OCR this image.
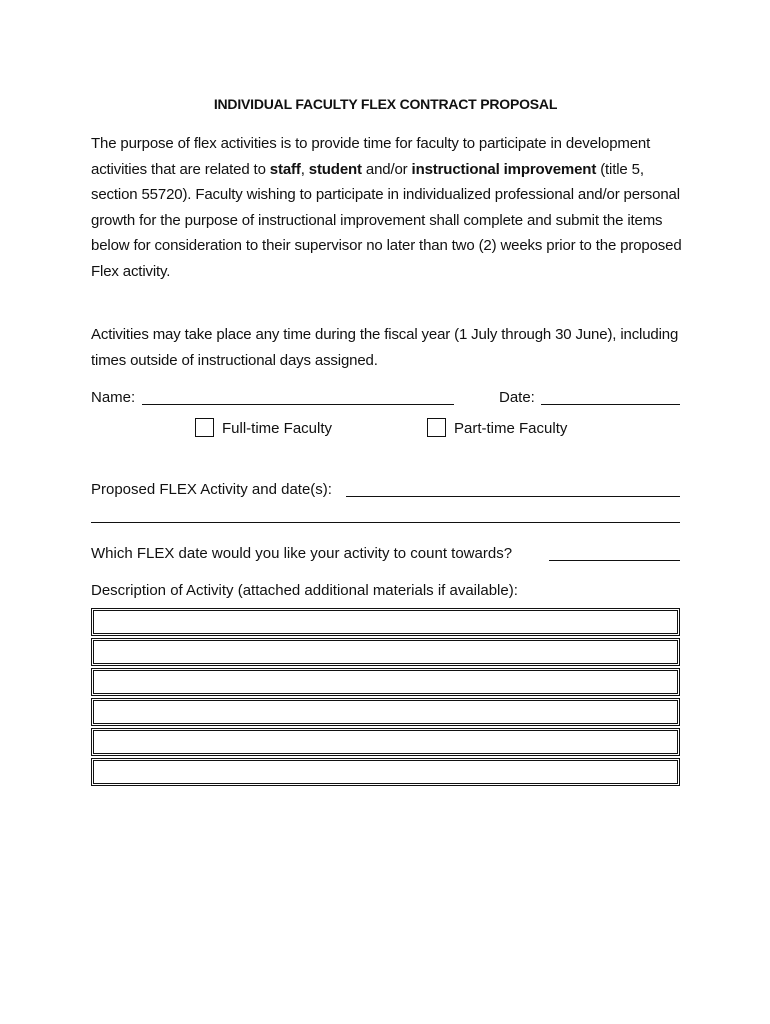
INDIVIDUAL FACULTY FLEX CONTRACT PROPOSAL
The purpose of flex activities is to provide time for faculty to participate in development activities that are related to staff, student and/or instructional improvement (title 5, section 55720). Faculty wishing to participate in individualized professional and/or personal growth for the purpose of instructional improvement shall complete and submit the items below for consideration to their supervisor no later than two (2) weeks prior to the proposed Flex activity.
Activities may take place any time during the fiscal year (1 July through 30 June), including times outside of instructional days assigned.
Name:	Date:
Full-time Faculty	Part-time Faculty
Proposed FLEX Activity and date(s):
Which FLEX date would you like your activity to count towards?
Description of Activity (attached additional materials if available):
